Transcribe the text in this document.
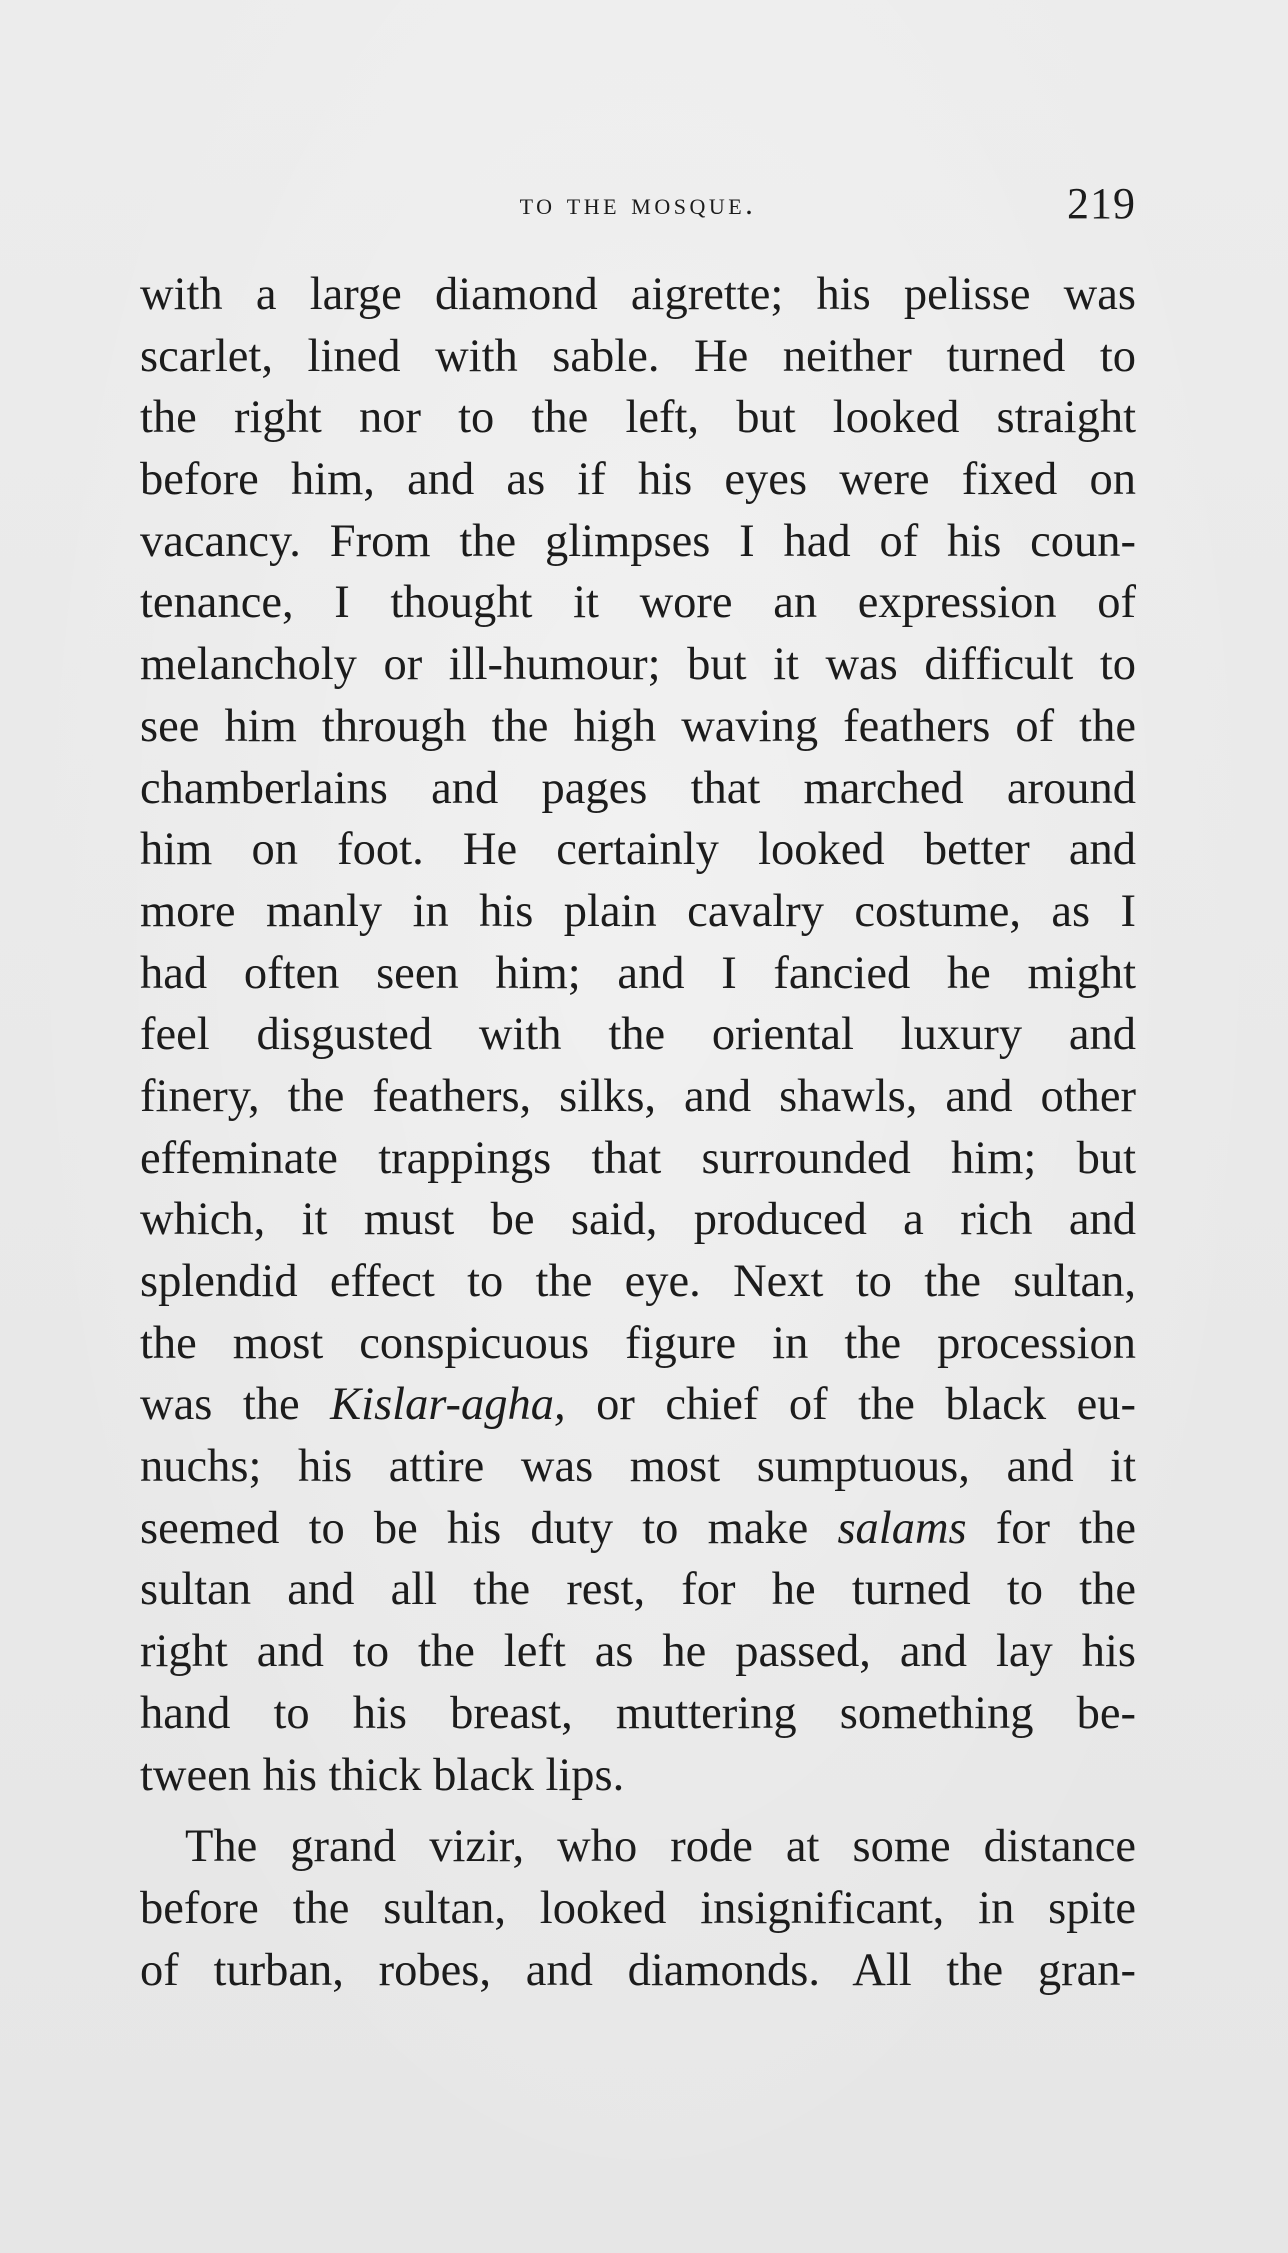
to the mosque.	219
with a large diamond aigrette; his pelisse was
scarlet, lined with sable. He neither turned to
the right nor to the left, but looked straight
before him, and as if his eyes were fixed on
vacancy. From the glimpses I had of his coun-
tenance, I thought it wore an expression of
melancholy or ill-humour; but it was difficult to
see him through the high waving feathers of the
chamberlains and pages that marched around
him on foot. He certainly looked better and
more manly in his plain cavalry costume, as I
had often seen him; and I fancied he might
feel disgusted with the oriental luxury and
finery, the feathers, silks, and shawls, and other
effeminate trappings that surrounded him; but
which, it must be said, produced a rich and
splendid effect to the eye. Next to the sultan,
the most conspicuous figure in the procession
was the Kislar-agha, or chief of the black eu-
nuchs; his attire was most sumptuous, and it
seemed to be his duty to make salams for the
sultan and all the rest, for he turned to the
right and to the left as he passed, and lay his
hand to his breast, muttering something be-
tween his thick black lips.
The grand vizir, who rode at some distance
before the sultan, looked insignificant, in spite
of turban, robes, and diamonds. All the gran-
